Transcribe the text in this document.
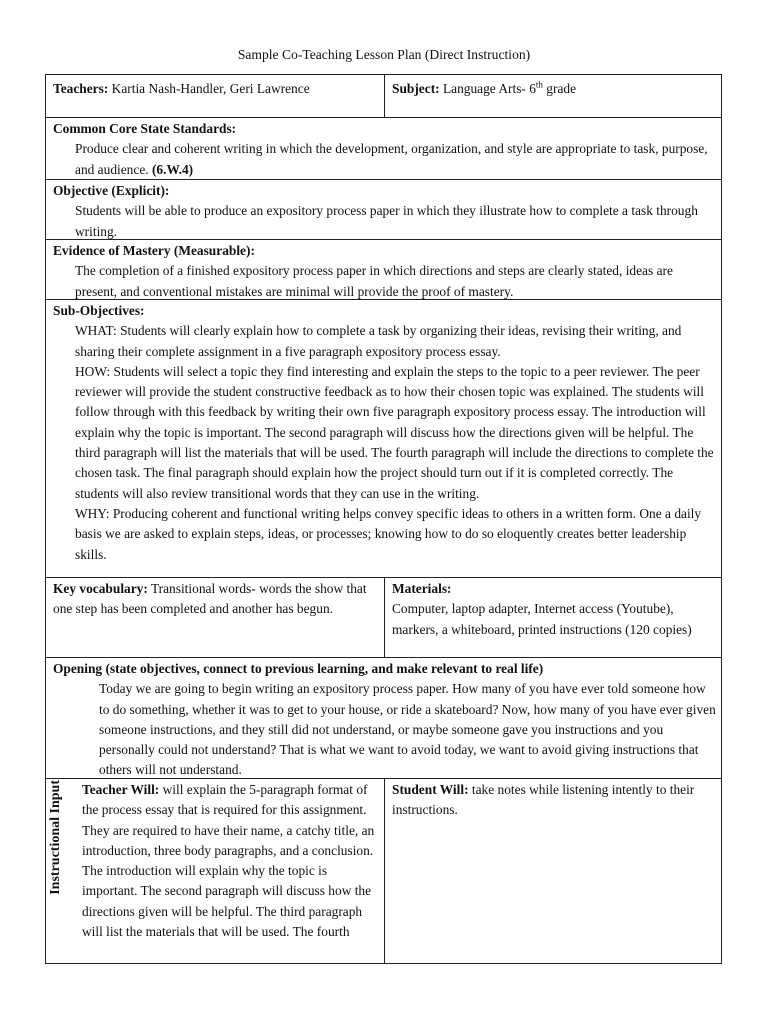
Sample Co-Teaching Lesson Plan (Direct Instruction)
Teachers: Kartia Nash-Handler, Geri Lawrence	Subject: Language Arts- 6th grade

Common Core State Standards:
Produce clear and coherent writing in which the development, organization, and style are appropriate to task, purpose, and audience. (6.W.4)	

Objective (Explicit):
Students will be able to produce an expository process paper in which they illustrate how to complete a task through writing.	

Evidence of Mastery (Measurable):
The completion of a finished expository process paper in which directions and steps are clearly stated, ideas are present, and conventional mistakes are minimal will provide the proof of mastery.	

Sub-Objectives:
WHAT: Students will clearly explain how to complete a task by organizing their ideas, revising their writing, and sharing their complete assignment in a five paragraph expository process essay.
HOW: Students will select a topic they find interesting and explain the steps to the topic to a peer reviewer. The peer reviewer will provide the student constructive feedback as to how their chosen topic was explained. The students will follow through with this feedback by writing their own five paragraph expository process essay. The introduction will explain why the topic is important. The second paragraph will discuss how the directions given will be helpful. The third paragraph will list the materials that will be used. The fourth paragraph will include the directions to complete the chosen task. The final paragraph should explain how the project should turn out if it is completed correctly. The students will also review transitional words that they can use in the writing.
WHY: Producing coherent and functional writing helps convey specific ideas to others in a written form. One a daily basis we are asked to explain steps, ideas, or processes; knowing how to do so eloquently creates better leadership skills.	

Key vocabulary: Transitional words- words the show that one step has been completed and another has begun.	Materials:
Computer, laptop adapter, Internet access (Youtube), markers, a whiteboard, printed instructions (120 copies)

Opening (state objectives, connect to previous learning, and make relevant to real life)
Today we are going to begin writing an expository process paper. How many of you have ever told someone how to do something, whether it was to get to your house, or ride a skateboard? Now, how many of you have ever given someone instructions, and they still did not understand, or maybe someone gave you instructions and you personally could not understand? That is what we want to avoid today, we want to avoid giving instructions that others will not understand.	

Instructional Input Teacher Will: will explain the 5-paragraph format of the process essay that is required for this assignment. They are required to have their name, a catchy title, an introduction, three body paragraphs, and a conclusion. The introduction will explain why the topic is important. The second paragraph will discuss how the directions given will be helpful. The third paragraph will list the materials that will be used. The fourth	Student Will: take notes while listening intently to their instructions.
